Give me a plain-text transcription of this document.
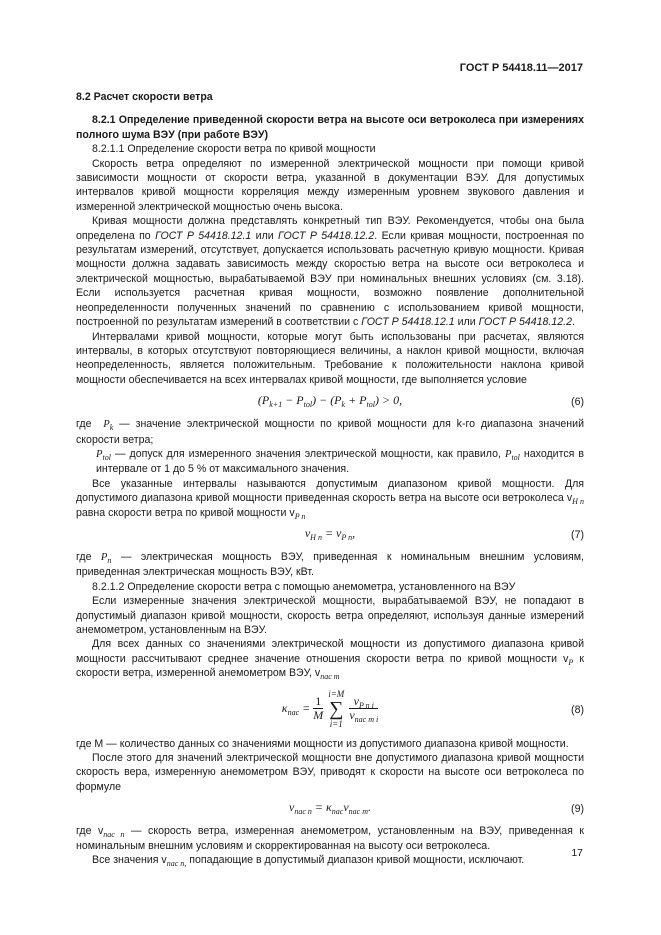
ГОСТ Р 54418.11—2017

8.2 Расчет скорости ветра

8.2.1 Определение приведенной скорости ветра на высоте оси ветроколеса при измерениях полного шума ВЭУ (при работе ВЭУ)

8.2.1.1 Определение скорости ветра по кривой мощности

Скорость ветра определяют по измеренной электрической мощности при помощи кривой зависимости мощности от скорости ветра, указанной в документации ВЭУ. Для допустимых интервалов кривой мощности корреляция между измеренным уровнем звукового давления и измеренной электрической мощностью очень высока.

Кривая мощности должна представлять конкретный тип ВЭУ. Рекомендуется, чтобы она была определена по ГОСТ Р 54418.12.1 или ГОСТ Р 54418.12.2. Если кривая мощности, построенная по результатам измерений, отсутствует, допускается использовать расчетную кривую мощности. Кривая мощности должна задавать зависимость между скоростью ветра на высоте оси ветроколеса и электрической мощностью, вырабатываемой ВЭУ при номинальных внешних условиях (см. 3.18). Если используется расчетная кривая мощности, возможно появление дополнительной неопределенности полученных значений по сравнению с использованием кривой мощности, построенной по результатам измерений в соответствии с ГОСТ Р 54418.12.1 или ГОСТ Р 54418.12.2.

Интервалами кривой мощности, которые могут быть использованы при расчетах, являются интервалы, в которых отсутствуют повторяющиеся величины, а наклон кривой мощности, включая неопределенность, является положительным. Требование к положительности наклона кривой мощности обеспечивается на всех интервалах кривой мощности, где выполняется условие

$(P_{k+1} - P_{tol}) - (P_k + P_{tol}) > 0$,	(6)

где $P_k$ — значение электрической мощности по кривой мощности для k-го диапазона значений скорости ветра;

$P_{tol}$ — допуск для измеренного значения электрической мощности, как правило, $P_{tol}$ находится в интервале от 1 до 5 % от максимального значения.

Все указанные интервалы называются допустимым диапазоном кривой мощности. Для допустимого диапазона кривой мощности приведенная скорость ветра на высоте оси ветроколеса $v_{H n}$ равна скорости ветра по кривой мощности $v_{P n}$

$v_{H n} = v_{P n}$,	(7)

где $P_n$ — электрическая мощность ВЭУ, приведенная к номинальным внешним условиям, приведенная электрическая мощность ВЭУ, кВт.

8.2.1.2 Определение скорости ветра с помощью анемометра, установленного на ВЭУ

Если измеренные значения электрической мощности, вырабатываемой ВЭУ, не попадают в допустимый диапазон кривой мощности, скорость ветра определяют, используя данные измерений анемометром, установленным на ВЭУ.

Для всех данных со значениями электрической мощности из допустимого диапазона кривой мощности рассчитывают среднее значение отношения скорости ветра по кривой мощности $v_P$ к скорости ветра, измеренной анемометром ВЭУ, $v_{nac m}$

$\kappa_{nac} = \frac{1}{M}$
i=M
∑
i=1
$\frac{v_{P n i}}{v_{nac m i}}$	(8)

где M — количество данных со значениями мощности из допустимого диапазона кривой мощности.

После этого для значений электрической мощности вне допустимого диапазона кривой мощности скорость вера, измеренную анемометром ВЭУ, приводят к скорости на высоте оси ветроколеса по формуле

$v_{nac n} = \kappa_{nac}v_{nac m}$.	(9)

где $v_{nac n}$ — скорость ветра, измеренная анемометром, установленным на ВЭУ, приведенная к номинальным внешним условиям и скорректированная на высоту оси ветроколеса.

Все значения $v_{nac n,}$ попадающие в допустимый диапазон кривой мощности, исключают.

17
